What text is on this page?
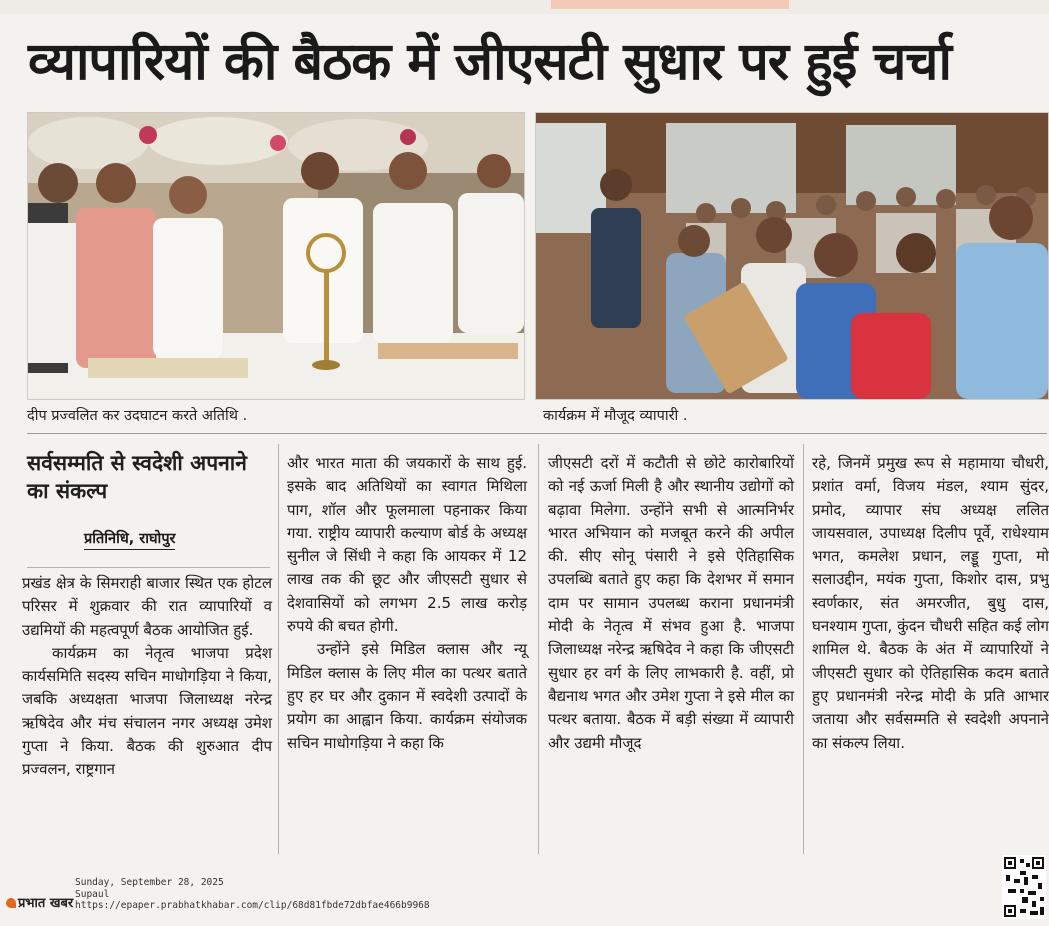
व्यापारियों की बैठक में जीएसटी सुधार पर हुई चर्चा
दीप प्रज्वलित कर उदघाटन करते अतिथि .	कार्यक्रम में मौजूद व्यापारी .
सर्वसम्मति से स्वदेशी अपनाने का संकल्प
प्रतिनिधि, राघोपुर

प्रखंड क्षेत्र के सिमराही बाजार स्थित एक होटल परिसर में शुक्रवार की रात व्यापारियों व उद्यमियों की महत्वपूर्ण बैठक आयोजित हुई.

कार्यक्रम का नेतृत्व भाजपा प्रदेश कार्यसमिति सदस्य सचिन माधोगड़िया ने किया, जबकि अध्यक्षता भाजपा जिलाध्यक्ष नरेन्द्र ऋषिदेव और मंच संचालन नगर अध्यक्ष उमेश गुप्ता ने किया. बैठक की शुरुआत दीप प्रज्वलन, राष्ट्रगान

और भारत माता की जयकारों के साथ हुई. इसके बाद अतिथियों का स्वागत मिथिला पाग, शॉल और फूलमाला पहनाकर किया गया. राष्ट्रीय व्यापारी कल्याण बोर्ड के अध्यक्ष सुनील जे सिंधी ने कहा कि आयकर में 12 लाख तक की छूट और जीएसटी सुधार से देशवासियों को लगभग 2.5 लाख करोड़ रुपये की बचत होगी.

उन्होंने इसे मिडिल क्लास और न्यू मिडिल क्लास के लिए मील का पत्थर बताते हुए हर घर और दुकान में स्वदेशी उत्पादों के प्रयोग का आह्वान किया. कार्यक्रम संयोजक सचिन माधोगड़िया ने कहा कि

जीएसटी दरों में कटौती से छोटे कारोबारियों को नई ऊर्जा मिली है और स्थानीय उद्योगों को बढ़ावा मिलेगा. उन्होंने सभी से आत्मनिर्भर भारत अभियान को मजबूत करने की अपील की. सीए सोनू पंसारी ने इसे ऐतिहासिक उपलब्धि बताते हुए कहा कि देशभर में समान दाम पर सामान उपलब्ध कराना प्रधानमंत्री मोदी के नेतृत्व में संभव हुआ है. भाजपा जिलाध्यक्ष नरेन्द्र ऋषिदेव ने कहा कि जीएसटी सुधार हर वर्ग के लिए लाभकारी है. वहीं, प्रो बैद्यनाथ भगत और उमेश गुप्ता ने इसे मील का पत्थर बताया. बैठक में बड़ी संख्या में व्यापारी और उद्यमी मौजूद

रहे, जिनमें प्रमुख रूप से महामाया चौधरी, प्रशांत वर्मा, विजय मंडल, श्याम सुंदर, प्रमोद, व्यापार संघ अध्यक्ष ललित जायसवाल, उपाध्यक्ष दिलीप पूर्वे, राधेश्याम भगत, कमलेश प्रधान, लड्डू गुप्ता, मो सलाउद्दीन, मयंक गुप्ता, किशोर दास, प्रभु स्वर्णकार, संत अमरजीत, बुधु दास, घनश्याम गुप्ता, कुंदन चौधरी सहित कई लोग शामिल थे. बैठक के अंत में व्यापारियों ने जीएसटी सुधार को ऐतिहासिक कदम बताते हुए प्रधानमंत्री नरेन्द्र मोदी के प्रति आभार जताया और सर्वसम्मति से स्वदेशी अपनाने का संकल्प लिया.

प्रभात खबर
Sunday, September 28, 2025
Supaul
https://epaper.prabhatkhabar.com/clip/68d81fbde72dbfae466b9968
